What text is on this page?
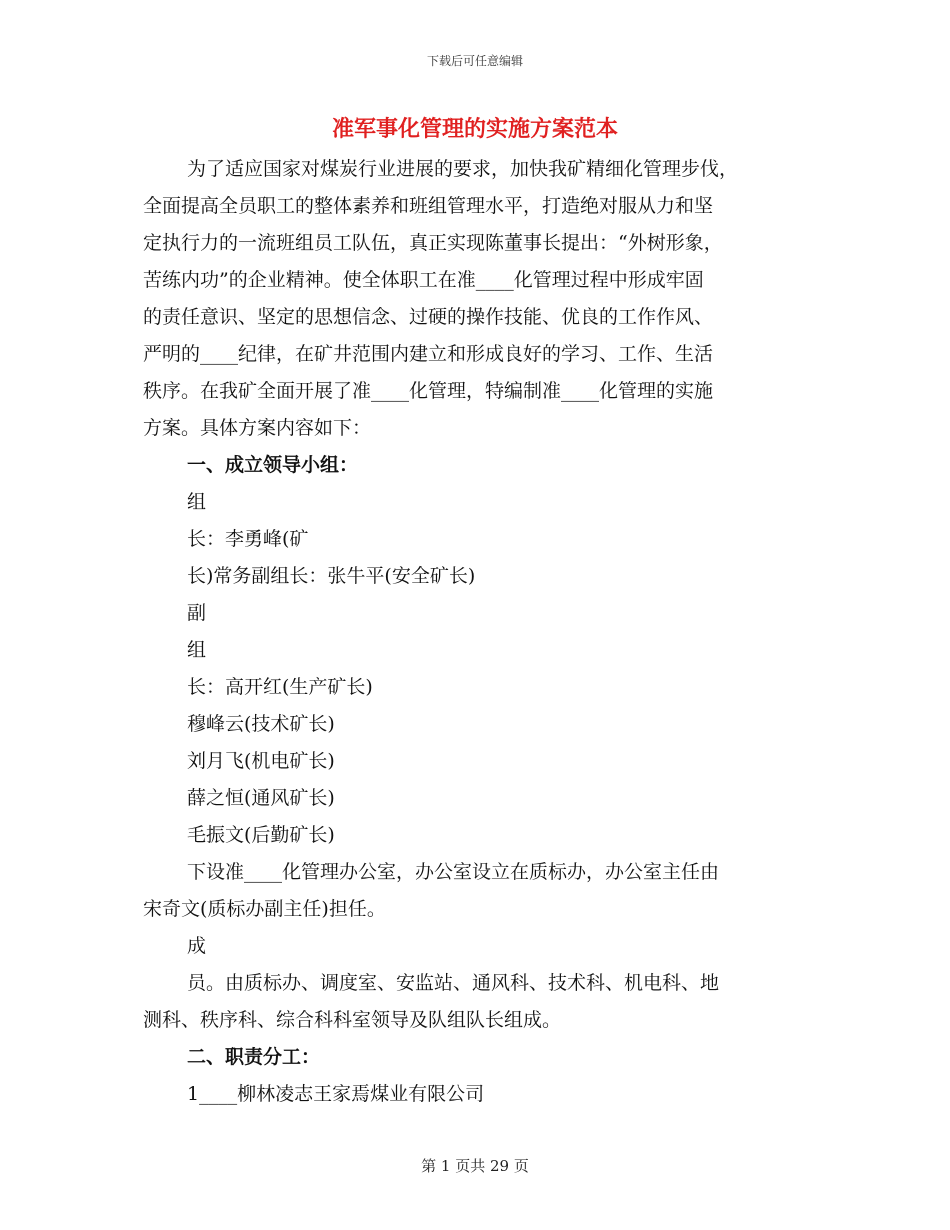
下载后可任意编辑
准军事化管理的实施方案范本

为了适应国家对煤炭行业进展的要求，加快我矿精细化管理步伐，

全面提高全员职工的整体素养和班组管理水平，打造绝对服从力和坚

定执行力的一流班组员工队伍，真正实现陈董事长提出：“外树形象，

苦练内功”的企业精神。使全体职工在准____化管理过程中形成牢固

的责任意识、坚定的思想信念、过硬的操作技能、优良的工作作风、

严明的____纪律，在矿井范围内建立和形成良好的学习、工作、生活

秩序。在我矿全面开展了准____化管理，特编制准____化管理的实施

方案。具体方案内容如下：

一、成立领导小组：

组

长：李勇峰(矿

长)常务副组长：张牛平(安全矿长)

副

组

长：高开红(生产矿长)

穆峰云(技术矿长)

刘月飞(机电矿长)

薛之恒(通风矿长)

毛振文(后勤矿长)

下设准____化管理办公室，办公室设立在质标办，办公室主任由

宋奇文(质标办副主任)担任。

成

员。由质标办、调度室、安监站、通风科、技术科、机电科、地

测科、秩序科、综合科科室领导及队组队长组成。

二、职责分工：

1____柳林凌志王家焉煤业有限公司

第 1 页共 29 页
